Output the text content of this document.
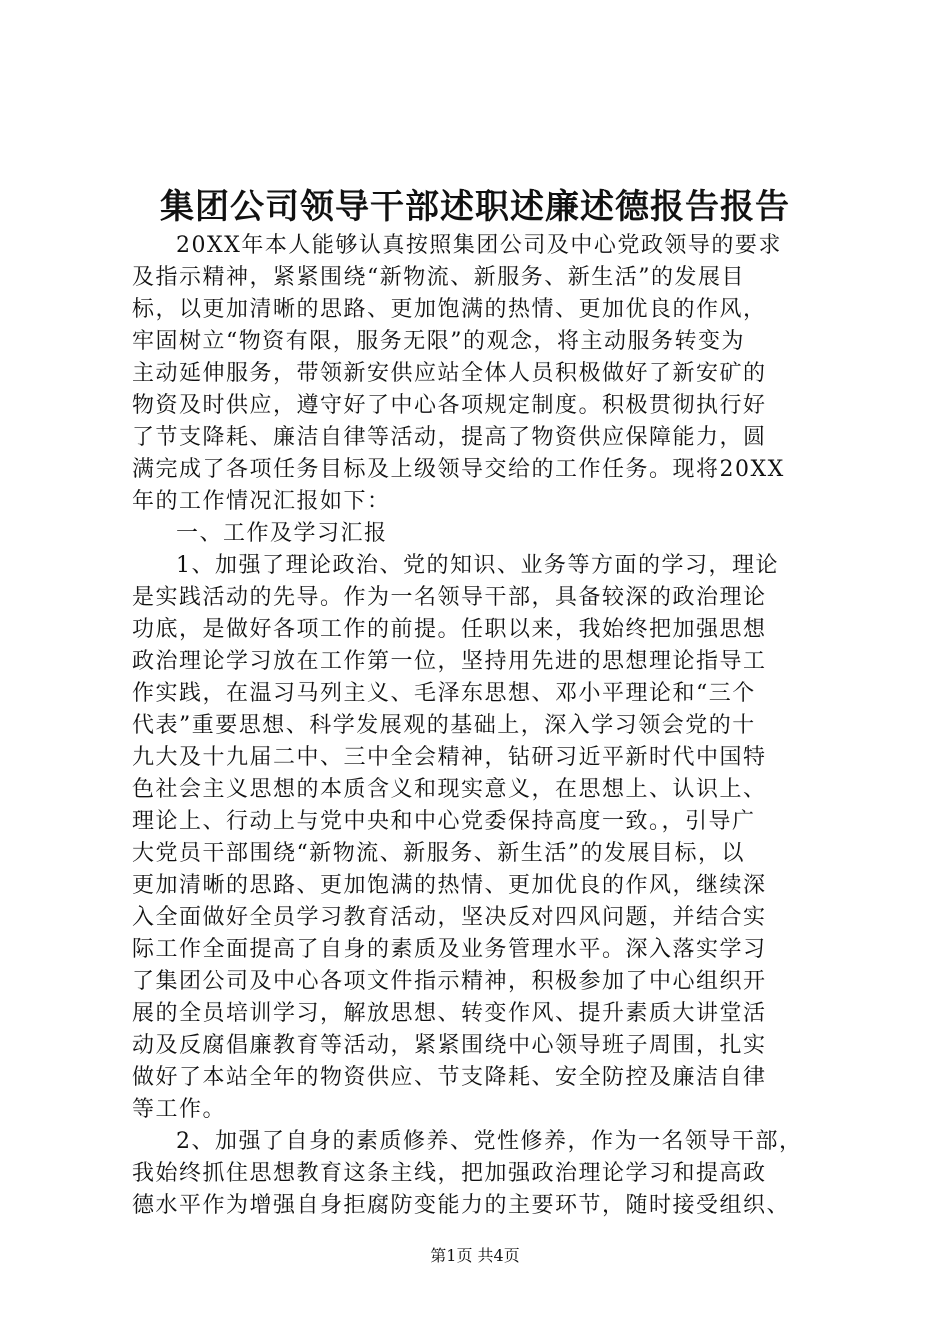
集团公司领导干部述职述廉述德报告报告
20XX年本人能够认真按照集团公司及中心党政领导的要求
及指示精神，紧紧围绕“新物流、新服务、新生活”的发展目
标，以更加清晰的思路、更加饱满的热情、更加优良的作风，
牢固树立“物资有限，服务无限”的观念，将主动服务转变为
主动延伸服务，带领新安供应站全体人员积极做好了新安矿的
物资及时供应，遵守好了中心各项规定制度。积极贯彻执行好
了节支降耗、廉洁自律等活动，提高了物资供应保障能力，圆
满完成了各项任务目标及上级领导交给的工作任务。现将20XX
年的工作情况汇报如下：
一、工作及学习汇报
1、加强了理论政治、党的知识、业务等方面的学习，理论
是实践活动的先导。作为一名领导干部，具备较深的政治理论
功底，是做好各项工作的前提。任职以来，我始终把加强思想
政治理论学习放在工作第一位，坚持用先进的思想理论指导工
作实践，在温习马列主义、毛泽东思想、邓小平理论和“三个
代表”重要思想、科学发展观的基础上，深入学习领会党的十
九大及十九届二中、三中全会精神，钻研习近平新时代中国特
色社会主义思想的本质含义和现实意义，在思想上、认识上、
理论上、行动上与党中央和中心党委保持高度一致。，引导广
大党员干部围绕“新物流、新服务、新生活”的发展目标，以
更加清晰的思路、更加饱满的热情、更加优良的作风，继续深
入全面做好全员学习教育活动，坚决反对四风问题，并结合实
际工作全面提高了自身的素质及业务管理水平。深入落实学习
了集团公司及中心各项文件指示精神，积极参加了中心组织开
展的全员培训学习，解放思想、转变作风、提升素质大讲堂活
动及反腐倡廉教育等活动，紧紧围绕中心领导班子周围，扎实
做好了本站全年的物资供应、节支降耗、安全防控及廉洁自律
等工作。
2、加强了自身的素质修养、党性修养，作为一名领导干部，
我始终抓住思想教育这条主线，把加强政治理论学习和提高政
德水平作为增强自身拒腐防变能力的主要环节，随时接受组织、
第1页 共4页
